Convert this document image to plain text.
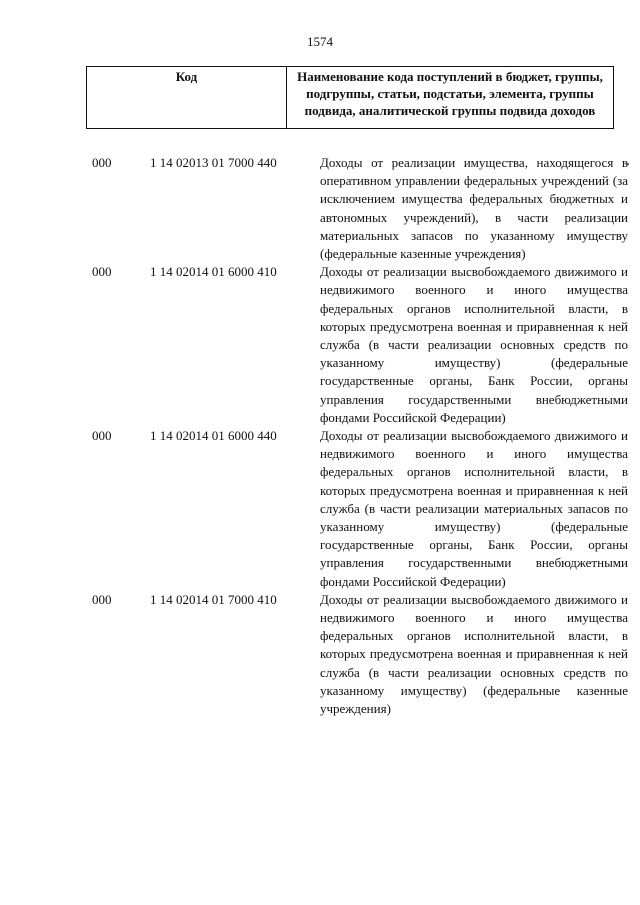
1574
Код	Наименование кода поступлений в бюджет, группы, подгруппы, статьи, подстатьи, элемента, группы подвида, аналитической группы подвида доходов
000	1 14 02013 01 7000 440	Доходы от реализации имущества, находящегося в оперативном управлении федеральных учреждений (за исключением имущества федеральных бюджетных и автономных учреждений), в части реализации материальных запасов по указанному имуществу (федеральные казенные учреждения)
000	1 14 02014 01 6000 410	Доходы от реализации высвобождаемого движимого и недвижимого военного и иного имущества федеральных органов исполнительной власти, в которых предусмотрена военная и приравненная к ней служба (в части реализации основных средств по указанному имуществу) (федеральные государственные органы, Банк России, органы управления государственными внебюджетными фондами Российской Федерации)
000	1 14 02014 01 6000 440	Доходы от реализации высвобождаемого движимого и недвижимого военного и иного имущества федеральных органов исполнительной власти, в которых предусмотрена военная и приравненная к ней служба (в части реализации материальных запасов по указанному имуществу) (федеральные государственные органы, Банк России, органы управления государственными внебюджетными фондами Российской Федерации)
000	1 14 02014 01 7000 410	Доходы от реализации высвобождаемого движимого и недвижимого военного и иного имущества федеральных органов исполнительной власти, в которых предусмотрена военная и приравненная к ней служба (в части реализации основных средств по указанному имуществу) (федеральные казенные учреждения)
